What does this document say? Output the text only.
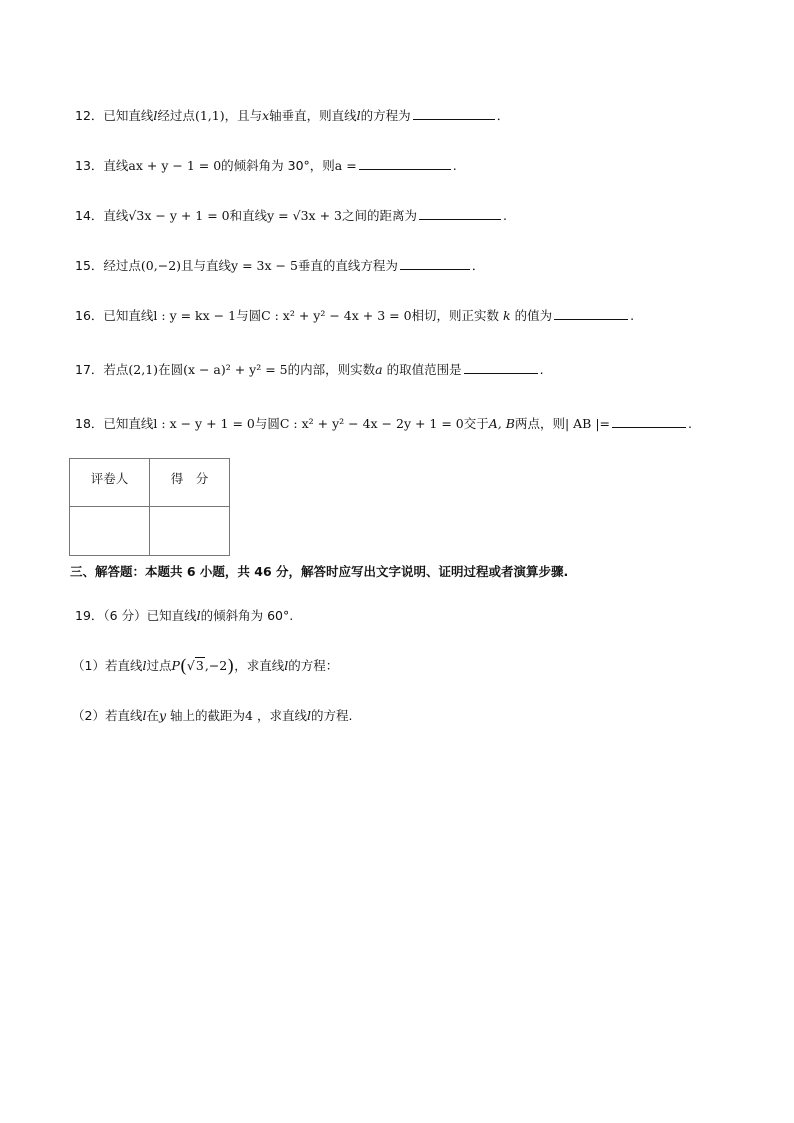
12．已知直线l经过点(1,1)，且与x轴垂直，则直线l的方程为	．
13．直线ax + y − 1 = 0的倾斜角为 30°，则a =	.
14．直线√3x − y + 1 = 0和直线y = √3x + 3之间的距离为	.
15．经过点(0,−2)且与直线y = 3x − 5垂直的直线方程为	．
16．已知直线l : y = kx − 1与圆C : x² + y² − 4x + 3 = 0相切，则正实数 k 的值为	.
17．若点(2,1)在圆(x − a)² + y² = 5的内部，则实数a 的取值范围是	.
18．已知直线l : x − y + 1 = 0与圆C : x² + y² − 4x − 2y + 1 = 0交于A, B两点，则| AB |=	.
评卷人	得　分

三、解答题：本题共 6 小题，共 46 分，解答时应写出文字说明、证明过程或者演算步骤.
19．（6 分）已知直线l的倾斜角为 60°.
（1）若直线l过点P(√3,−2)，求直线l的方程：
（2）若直线l在y 轴上的截距为4 ，求直线l的方程.
